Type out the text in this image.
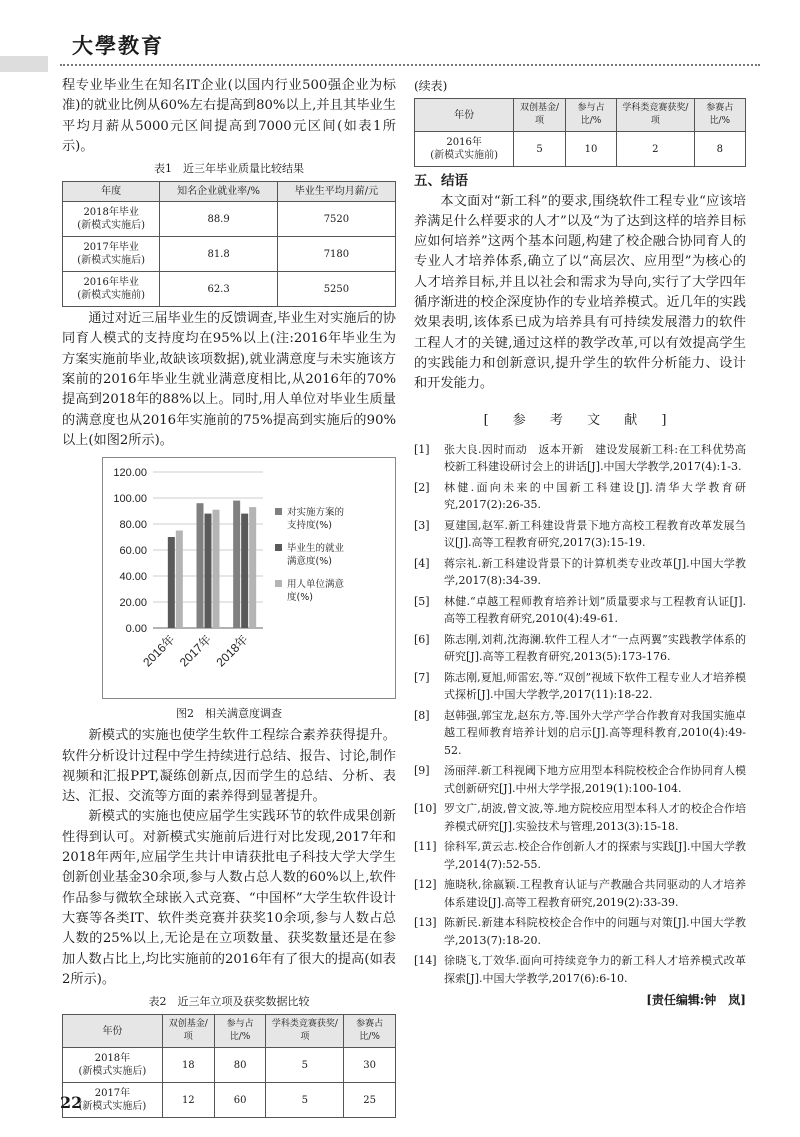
大學教育

程专业毕业生在知名IT企业(以国内行业500强企业为标准)的就业比例从60%左右提高到80%以上,并且其毕业生平均月薪从5000元区间提高到7000元区间(如表1所示)。

表1　近三年毕业质量比较结果
年度	知名企业就业率/%	毕业生平均月薪/元
2018年毕业
(新模式实施后)	88.9	7520
2017年毕业
(新模式实施后)	81.8	7180
2016年毕业
(新模式实施前)	62.3	5250

通过对近三届毕业生的反馈调查,毕业生对实施后的协同育人模式的支持度均在95%以上(注:2016年毕业生为方案实施前毕业,故缺该项数据),就业满意度与未实施该方案前的2016年毕业生就业满意度相比,从2016年的70%提高到2018年的88%以上。同时,用人单位对毕业生质量的满意度也从2016年实施前的75%提高到实施后的90%以上(如图2所示)。

120.00
100.00
80.00
60.00
40.00
20.00
0.00
2016年 2017年 2018年
对实施方案的支持度(%)
毕业生的就业满意度(%)
用人单位满意度(%)
图2　相关满意度调查

新模式的实施也使学生软件工程综合素养获得提升。软件分析设计过程中学生持续进行总结、报告、讨论,制作视频和汇报PPT,凝练创新点,因而学生的总结、分析、表达、汇报、交流等方面的素养得到显著提升。

新模式的实施也使应届学生实践环节的软件成果创新性得到认可。对新模式实施前后进行对比发现,2017年和2018年两年,应届学生共计申请获批电子科技大学大学生创新创业基金30余项,参与人数占总人数的60%以上,软件作品参与微软全球嵌入式竞赛、“中国杯”大学生软件设计大赛等各类IT、软件类竞赛并获奖10余项,参与人数占总人数的25%以上,无论是在立项数量、获奖数量还是在参加人数占比上,均比实施前的2016年有了很大的提高(如表2所示)。

表2　近三年立项及获奖数据比较
年份	双创基金/项	参与占比/%	学科类竞赛获奖/项	参赛占比/%
2018年
(新模式实施后)	18	80	5	30
2017年
(新模式实施后)	12	60	5	25
(续表)
年份	双创基金/项	参与占比/%	学科类竞赛获奖/项	参赛占比/%
2016年
(新模式实施前)	5	10	2	8
五、结语

本文面对“新工科”的要求,围绕软件工程专业“应该培养满足什么样要求的人才”以及“为了达到这样的培养目标应如何培养”这两个基本问题,构建了校企融合协同育人的专业人才培养体系,确立了以“高层次、应用型”为核心的人才培养目标,并且以社会和需求为导向,实行了大学四年循序渐进的校企深度协作的专业培养模式。近几年的实践效果表明,该体系已成为培养具有可持续发展潜力的软件工程人才的关键,通过这样的教学改革,可以有效提高学生的实践能力和创新意识,提升学生的软件分析能力、设计和开发能力。

[ 参 考 文 献 ]
[1]	张大良.因时而动　返本开新　建设发展新工科:在工科优势高校新工科建设研讨会上的讲话[J].中国大学教学,2017(4):1-3.
[2]	林健.面向未来的中国新工科建设[J].清华大学教育研究,2017(2):26-35.
[3]	夏建国,赵军.新工科建设背景下地方高校工程教育改革发展刍议[J].高等工程教育研究,2017(3):15-19.
[4]	蒋宗礼.新工科建设背景下的计算机类专业改革[J].中国大学教学,2017(8):34-39.
[5]	林健.“卓越工程师教育培养计划”质量要求与工程教育认证[J].高等工程教育研究,2010(4):49-61.
[6]	陈志刚,刘莉,沈海澜.软件工程人才“一点两翼”实践教学体系的研究[J].高等工程教育研究,2013(5):173-176.
[7]	陈志刚,夏旭,师雷宏,等.“双创”视域下软件工程专业人才培养模式探析[J].中国大学教学,2017(11):18-22.
[8]	赵韩强,郭宝龙,赵东方,等.国外大学产学合作教育对我国实施卓越工程师教育培养计划的启示[J].高等理科教育,2010(4):49-52.
[9]	汤丽萍.新工科视阈下地方应用型本科院校校企合作协同育人模式创新研究[J].中州大学学报,2019(1):100-104.
[10] 罗文广,胡波,曾文波,等.地方院校应用型本科人才的校企合作培养模式研究[J].实验技术与管理,2013(3):15-18.
[11] 徐科军,黄云志.校企合作创新人才的探索与实践[J].中国大学教学,2014(7):52-55.
[12] 施晓秋,徐嬴颖.工程教育认证与产教融合共同驱动的人才培养体系建设[J].高等工程教育研究,2019(2):33-39.
[13] 陈新民.新建本科院校校企合作中的问题与对策[J].中国大学教学,2013(7):18-20.
[14] 徐晓飞,丁效华.面向可持续竞争力的新工科人才培养模式改革探索[J].中国大学教学,2017(6):6-10.
[责任编辑:钟　岚]
22
